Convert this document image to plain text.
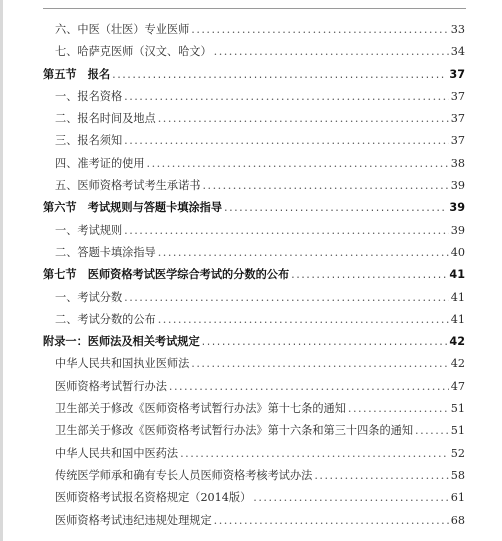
六、中医（壮医）专业医师 .....	33
七、哈萨克医师（汉文、哈文） .....	34
第五节　报名 .....	37
一、报名资格 .....	37
二、报名时间及地点 .....	37
三、报名须知 .....	37
四、准考证的使用 .....	38
五、医师资格考试考生承诺书 .....	39
第六节　考试规则与答题卡填涂指导 .....	39
一、考试规则 .....	39
二、答题卡填涂指导 .....	40
第七节　医师资格考试医学综合考试的分数的公布 .....	41
一、考试分数 .....	41
二、考试分数的公布 .....	41
附录一：医师法及相关考试规定 .....	42
中华人民共和国执业医师法 .....	42
医师资格考试暂行办法 .....	47
卫生部关于修改《医师资格考试暂行办法》第十七条的通知 .....	51
卫生部关于修改《医师资格考试暂行办法》第十六条和第三十四条的通知 .....	51
中华人民共和国中医药法 .....	52
传统医学师承和确有专长人员医师资格考核考试办法 .....	58
医师资格考试报名资格规定（2014版） .....	61
医师资格考试违纪违规处理规定 .....	68
